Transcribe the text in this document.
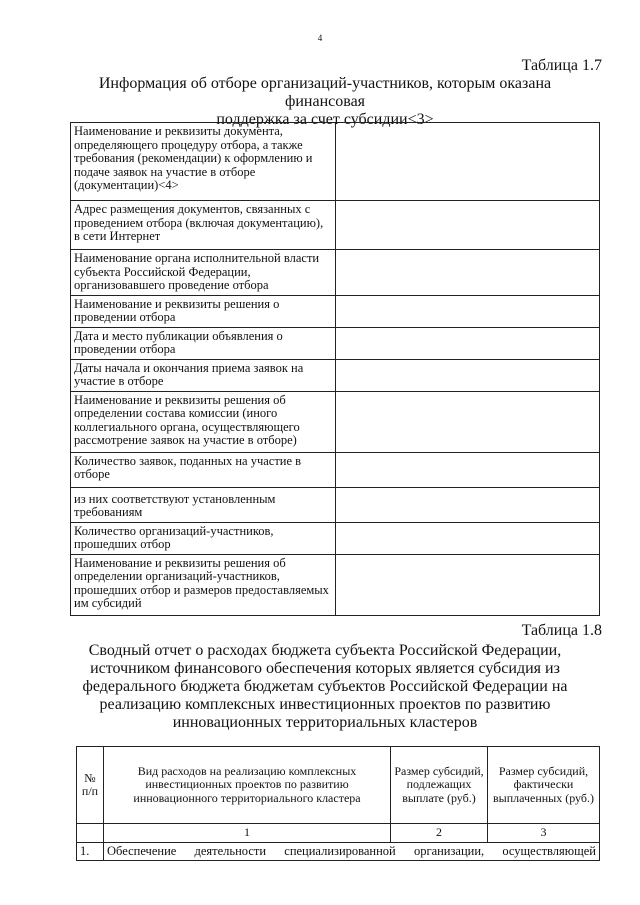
4
Таблица 1.7
Информация об отборе организаций-участников, которым оказана финансовая
поддержка за счет субсидии<3>
Наименование и реквизиты документа, определяющего процедуру отбора, а также требования (рекомендации) к оформлению и подаче заявок на участие в отборе (документации)<4>	
Адрес размещения документов, связанных с проведением отбора (включая документацию), в сети Интернет	
Наименование органа исполнительной власти субъекта Российской Федерации, организовавшего проведение отбора	
Наименование и реквизиты решения о проведении отбора	
Дата и место публикации объявления о проведении отбора	
Даты начала и окончания приема заявок на участие в отборе	
Наименование и реквизиты решения об определении состава комиссии (иного коллегиального органа, осуществляющего рассмотрение заявок на участие в отборе)	
Количество заявок, поданных на участие в отборе	
из них соответствуют установленным требованиям	
Количество организаций-участников, прошедших отбор	
Наименование и реквизиты решения об определении организаций-участников, прошедших отбор и размеров предоставляемых им субсидий	
Таблица 1.8
Сводный отчет о расходах бюджета субъекта Российской Федерации,
источником финансового обеспечения которых является субсидия из
федерального бюджета бюджетам субъектов Российской Федерации на
реализацию комплексных инвестиционных проектов по развитию
инновационных территориальных кластеров
№ п/п	Вид расходов на реализацию комплексных инвестиционных проектов по развитию инновационного территориального кластера	Размер субсидий, подлежащих выплате (руб.)	Размер субсидий, фактически выплаченных (руб.)
	1	2	3
1.	Обеспечение деятельности специализированной организации, осуществляющей		
